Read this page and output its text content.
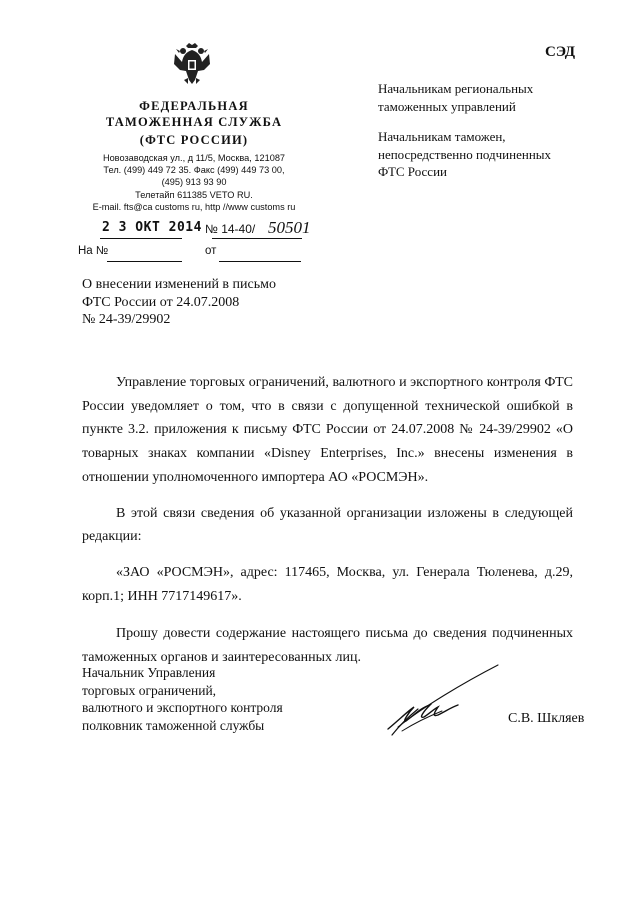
СЭД
ФЕДЕРАЛЬНАЯ
ТАМОЖЕННАЯ СЛУЖБА
(ФТС РОССИИ)
Новозаводская ул., д 11/5, Москва, 121087
Тел. (499) 449 72 35. Факс (499) 449 73 00,
(495) 913 93 90
Телетайп 611385 VETO RU.
E-mail. fts@ca customs ru, http //www customs ru
2 3 ОКТ 2014 № 14-40/ 50501
На №	от

Начальникам региональных

таможенных управлений

Начальникам таможен,

непосредственно подчиненных

ФТС России

О внесении изменений в письмо

ФТС России от 24.07.2008

№ 24-39/29902

Управление торговых ограничений, валютного и экспортного контроля ФТС России уведомляет о том, что в связи с допущенной технической ошибкой в пункте 3.2. приложения к письму ФТС России от 24.07.2008 № 24-39/29902 «О товарных знаках компании «Disney Enterprises, Inc.» внесены изменения в отношении уполномоченного импортера АО «РОСМЭН».

В этой связи сведения об указанной организации изложены в следующей редакции:

«ЗАО «РОСМЭН», адрес: 117465, Москва, ул. Генерала Тюленева, д.29, корп.1; ИНН 7717149617».

Прошу довести содержание настоящего письма до сведения подчиненных таможенных органов и заинтересованных лиц.

Начальник Управления

торговых ограничений,

валютного и экспортного контроля

полковник таможенной службы	С.В. Шкляев
